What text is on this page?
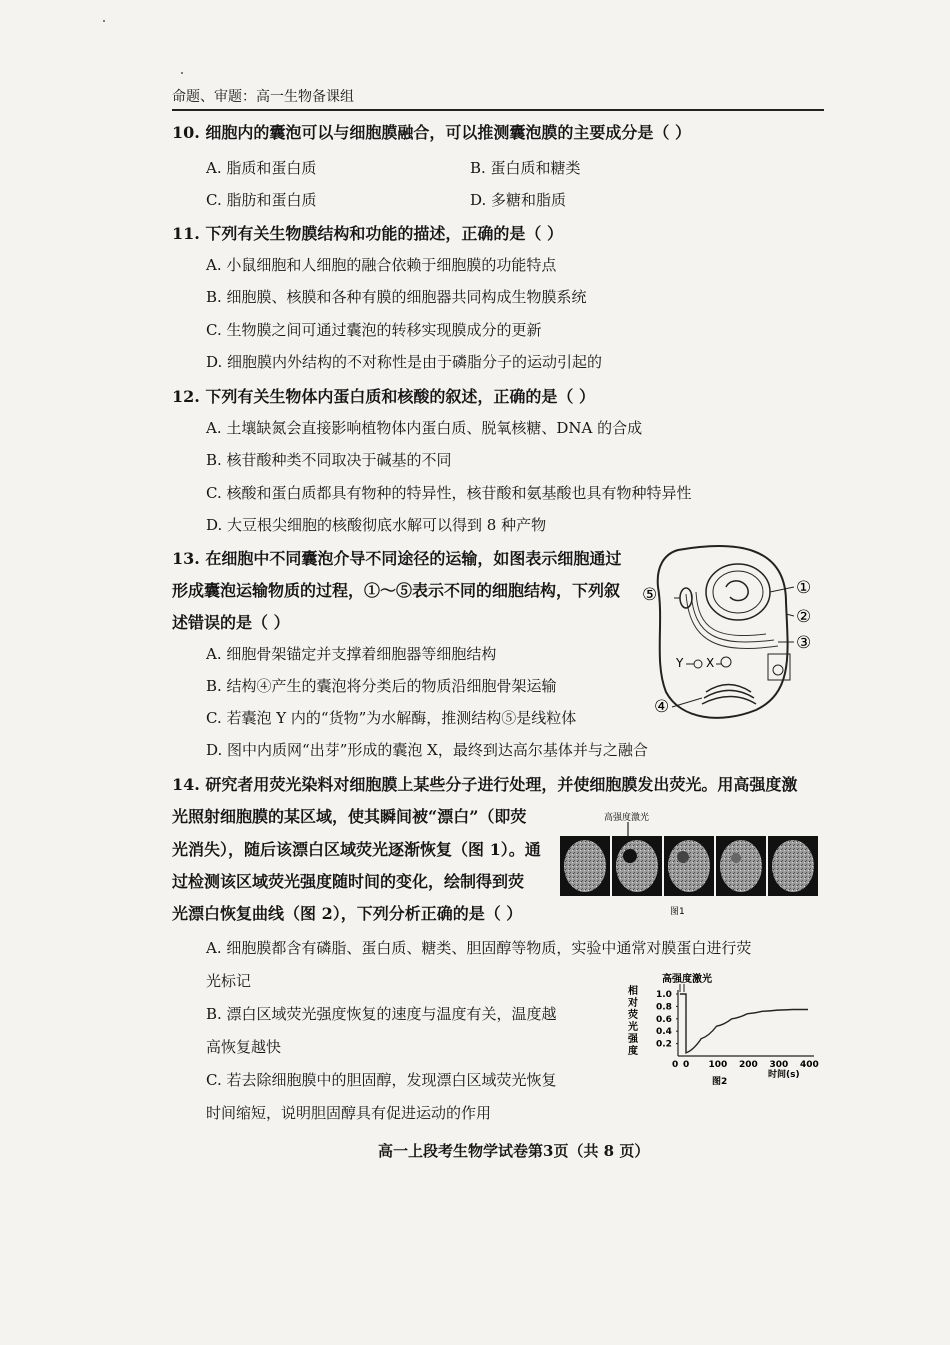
命题、审题：高一生物备课组
10. 细胞内的囊泡可以与细胞膜融合，可以推测囊泡膜的主要成分是（ ）
A. 脂质和蛋白质	B. 蛋白质和糖类
C. 脂肪和蛋白质	D. 多糖和脂质
11. 下列有关生物膜结构和功能的描述，正确的是（ ）
A. 小鼠细胞和人细胞的融合依赖于细胞膜的功能特点
B. 细胞膜、核膜和各种有膜的细胞器共同构成生物膜系统
C. 生物膜之间可通过囊泡的转移实现膜成分的更新
D. 细胞膜内外结构的不对称性是由于磷脂分子的运动引起的
12. 下列有关生物体内蛋白质和核酸的叙述，正确的是（ ）
A. 土壤缺氮会直接影响植物体内蛋白质、脱氧核糖、DNA 的合成
B. 核苷酸种类不同取决于碱基的不同
C. 核酸和蛋白质都具有物种的特异性，核苷酸和氨基酸也具有物种特异性
D. 大豆根尖细胞的核酸彻底水解可以得到 8 种产物
13. 在细胞中不同囊泡介导不同途径的运输，如图表示细胞通过
形成囊泡运输物质的过程，①～⑤表示不同的细胞结构，下列叙
述错误的是（ ）
A. 细胞骨架锚定并支撑着细胞器等细胞结构
B. 结构④产生的囊泡将分类后的物质沿细胞骨架运输
C. 若囊泡 Y 内的“货物”为水解酶，推测结构⑤是线粒体
D. 图中内质网“出芽”形成的囊泡 X，最终到达高尔基体并与之融合
Y X
①
②
③
④
⑤
14. 研究者用荧光染料对细胞膜上某些分子进行处理，并使细胞膜发出荧光。用高强度激
光照射细胞膜的某区域，使其瞬间被“漂白”（即荧
光消失），随后该漂白区域荧光逐渐恢复（图 1）。通
过检测该区域荧光强度随时间的变化，绘制得到荧
光漂白恢复曲线（图 2），下列分析正确的是（ ）
高强度激光
图1
A. 细胞膜都含有磷脂、蛋白质、糖类、胆固醇等物质，实验中通常对膜蛋白进行荧
光标记
B. 漂白区域荧光强度恢复的速度与温度有关，温度越
高恢复越快
C. 若去除细胞膜中的胆固醇，发现漂白区域荧光恢复
时间缩短，说明胆固醇具有促进运动的作用
高强度激光
相
对
荧
光
强
度
0.2
0.4
0.6
0.8
1.0
0 100 200 300 400
0
时间(s)
图2
高一上段考生物学试卷第3页（共 8 页）
